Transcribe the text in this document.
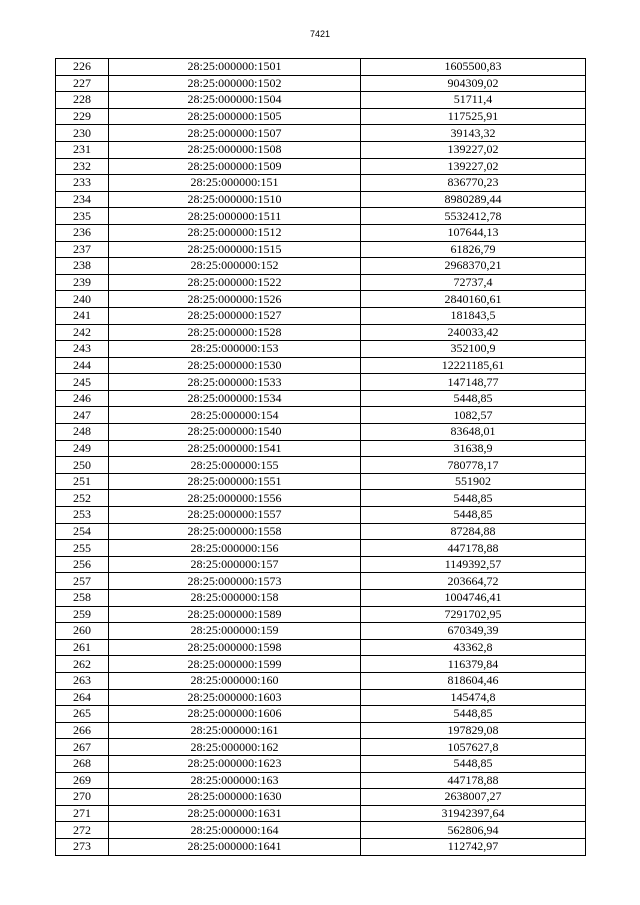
7421
226	28:25:000000:1501	1605500,83
227	28:25:000000:1502	904309,02
228	28:25:000000:1504	51711,4
229	28:25:000000:1505	117525,91
230	28:25:000000:1507	39143,32
231	28:25:000000:1508	139227,02
232	28:25:000000:1509	139227,02
233	28:25:000000:151	836770,23
234	28:25:000000:1510	8980289,44
235	28:25:000000:1511	5532412,78
236	28:25:000000:1512	107644,13
237	28:25:000000:1515	61826,79
238	28:25:000000:152	2968370,21
239	28:25:000000:1522	72737,4
240	28:25:000000:1526	2840160,61
241	28:25:000000:1527	181843,5
242	28:25:000000:1528	240033,42
243	28:25:000000:153	352100,9
244	28:25:000000:1530	12221185,61
245	28:25:000000:1533	147148,77
246	28:25:000000:1534	5448,85
247	28:25:000000:154	1082,57
248	28:25:000000:1540	83648,01
249	28:25:000000:1541	31638,9
250	28:25:000000:155	780778,17
251	28:25:000000:1551	551902
252	28:25:000000:1556	5448,85
253	28:25:000000:1557	5448,85
254	28:25:000000:1558	87284,88
255	28:25:000000:156	447178,88
256	28:25:000000:157	1149392,57
257	28:25:000000:1573	203664,72
258	28:25:000000:158	1004746,41
259	28:25:000000:1589	7291702,95
260	28:25:000000:159	670349,39
261	28:25:000000:1598	43362,8
262	28:25:000000:1599	116379,84
263	28:25:000000:160	818604,46
264	28:25:000000:1603	145474,8
265	28:25:000000:1606	5448,85
266	28:25:000000:161	197829,08
267	28:25:000000:162	1057627,8
268	28:25:000000:1623	5448,85
269	28:25:000000:163	447178,88
270	28:25:000000:1630	2638007,27
271	28:25:000000:1631	31942397,64
272	28:25:000000:164	562806,94
273	28:25:000000:1641	112742,97
